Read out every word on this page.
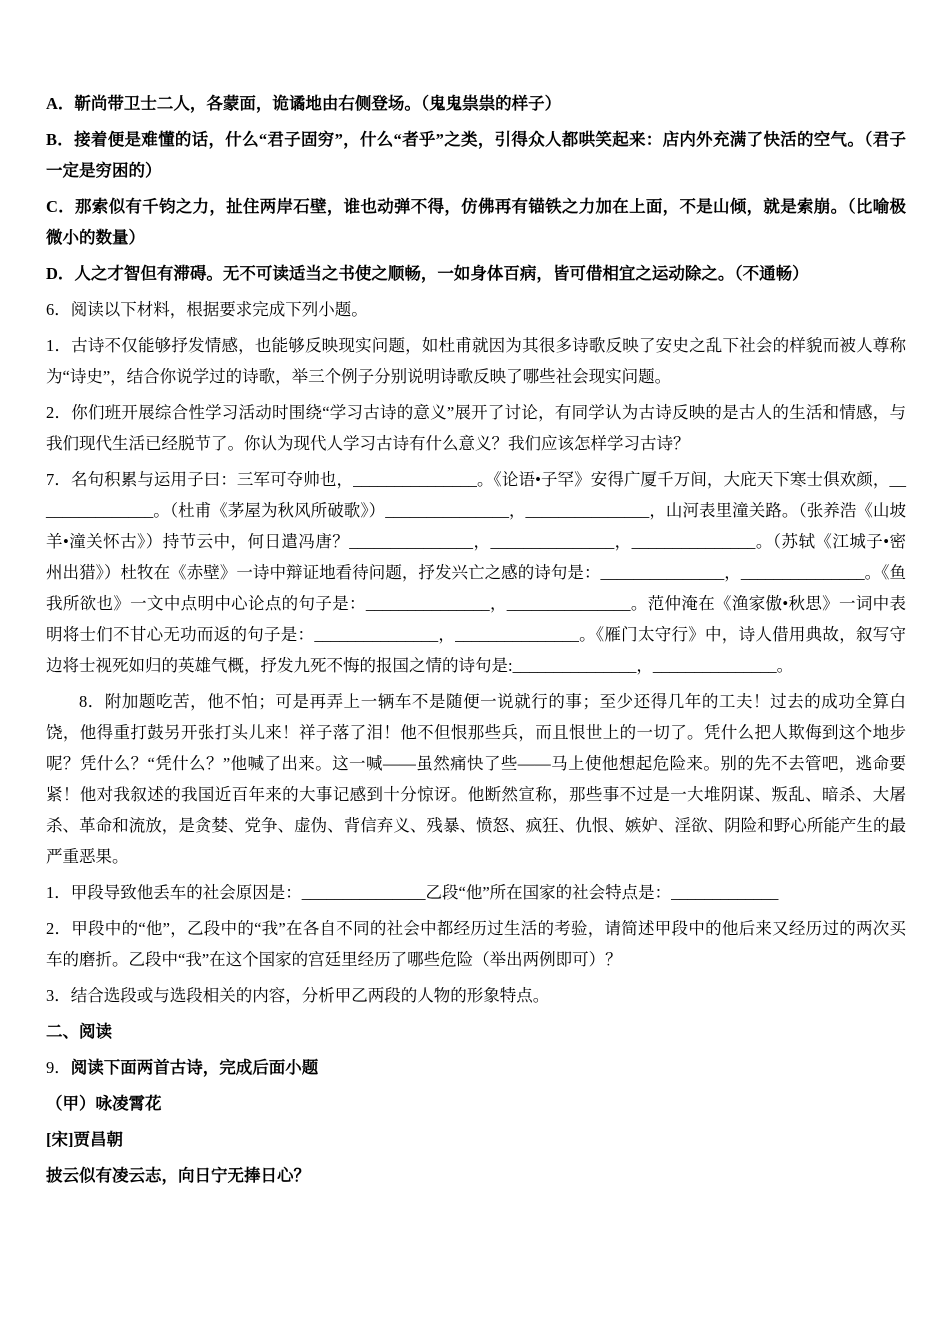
A．靳尚带卫士二人，各蒙面，诡谲地由右侧登场。（鬼鬼祟祟的样子）

B．接着便是难懂的话，什么“君子固穷”，什么“者乎”之类，引得众人都哄笑起来：店内外充满了快活的空气。（君子一定是穷困的）

C．那索似有千钧之力，扯住两岸石壁，谁也动弹不得，仿佛再有锚铁之力加在上面，不是山倾，就是索崩。（比喻极微小的数量）

D．人之才智但有滞碍。无不可读适当之书使之顺畅，一如身体百病，皆可借相宜之运动除之。（不通畅）

6．阅读以下材料，根据要求完成下列小题。

1．古诗不仅能够抒发情感，也能够反映现实问题，如杜甫就因为其很多诗歌反映了安史之乱下社会的样貌而被人尊称为“诗史”，结合你说学过的诗歌，举三个例子分别说明诗歌反映了哪些社会现实问题。

2．你们班开展综合性学习活动时围绕“学习古诗的意义”展开了讨论，有同学认为古诗反映的是古人的生活和情感，与我们现代生活已经脱节了。你认为现代人学习古诗有什么意义？我们应该怎样学习古诗？

7．名句积累与运用子曰：三军可夺帅也，_______________。《论语•子罕》安得广厦千万间，大庇天下寒士俱欢颜，_______________。（杜甫《茅屋为秋风所破歌》）_______________，_______________，山河表里潼关路。（张养浩《山坡羊•潼关怀古》）持节云中，何日遣冯唐？_______________，_______________，_______________。（苏轼《江城子•密州出猎》）杜牧在《赤壁》一诗中辩证地看待问题，抒发兴亡之感的诗句是：_______________，_______________。《鱼我所欲也》一文中点明中心论点的句子是：_______________，_______________。范仲淹在《渔家傲•秋思》一词中表明将士们不甘心无功而返的句子是：_______________，_______________。《雁门太守行》中，诗人借用典故，叙写守边将士视死如归的英雄气概，抒发九死不悔的报国之情的诗句是:_______________，_______________。

8．附加题吃苦，他不怕；可是再弄上一辆车不是随便一说就行的事；至少还得几年的工夫！过去的成功全算白饶，他得重打鼓另开张打头儿来！祥子落了泪！他不但恨那些兵，而且恨世上的一切了。凭什么把人欺侮到这个地步呢？凭什么？“凭什么？”他喊了出来。这一喊——虽然痛快了些——马上使他想起危险来。别的先不去管吧，逃命要紧！他对我叙述的我国近百年来的大事记感到十分惊讶。他断然宣称，那些事不过是一大堆阴谋、叛乱、暗杀、大屠杀、革命和流放，是贪婪、党争、虚伪、背信弃义、残暴、愤怒、疯狂、仇恨、嫉妒、淫欲、阴险和野心所能产生的最严重恶果。

1．甲段导致他丢车的社会原因是：_______________乙段“他”所在国家的社会特点是：_____________

2．甲段中的“他”，乙段中的“我”在各自不同的社会中都经历过生活的考验，请简述甲段中的他后来又经历过的两次买车的磨折。乙段中“我”在这个国家的宫廷里经历了哪些危险（举出两例即可）？

3．结合选段或与选段相关的内容，分析甲乙两段的人物的形象特点。

二、阅读

9．阅读下面两首古诗，完成后面小题

（甲）咏凌霄花

[宋]贾昌朝

披云似有凌云志，向日宁无捧日心？
